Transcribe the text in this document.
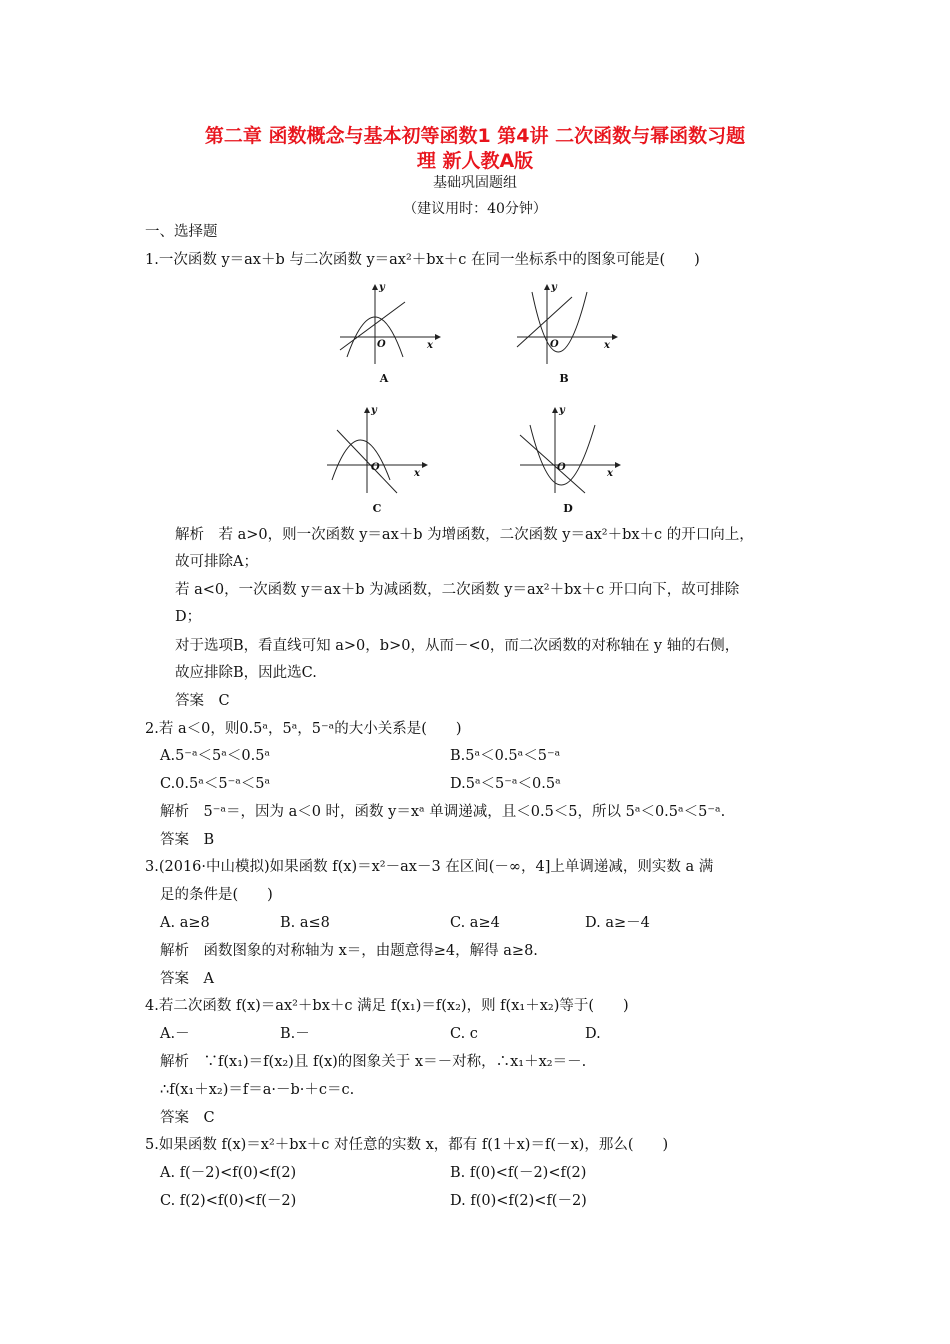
第二章 函数概念与基本初等函数1 第4讲 二次函数与幂函数习题
理 新人教A版
基础巩固题组
（建议用时：40分钟）
一、选择题
1.一次函数 y＝ax＋b 与二次函数 y＝ax²＋bx＋c 在同一坐标系中的图象可能是(　　)
y
x
O
A
y
x
O
B
y
x
O
C
y
x
O
D
解析　若 a>0，则一次函数 y＝ax＋b 为增函数，二次函数 y＝ax²＋bx＋c 的开口向上，
故可排除A；
若 a<0，一次函数 y＝ax＋b 为减函数，二次函数 y＝ax²＋bx＋c 开口向下，故可排除
D；
对于选项B，看直线可知 a>0，b>0，从而－<0，而二次函数的对称轴在 y 轴的右侧，
故应排除B，因此选C.
答案　C
2.若 a＜0，则0.5ᵃ，5ᵃ，5⁻ᵃ的大小关系是(　　)
A.5⁻ᵃ＜5ᵃ＜0.5ᵃ	B.5ᵃ＜0.5ᵃ＜5⁻ᵃ
C.0.5ᵃ＜5⁻ᵃ＜5ᵃ	D.5ᵃ＜5⁻ᵃ＜0.5ᵃ
解析　5⁻ᵃ＝，因为 a＜0 时，函数 y＝xᵃ 单调递减，且＜0.5＜5，所以 5ᵃ＜0.5ᵃ＜5⁻ᵃ.
答案　B
3.(2016·中山模拟)如果函数 f(x)＝x²－ax－3 在区间(－∞，4]上单调递减，则实数 a 满
足的条件是(　　)
A. a≥8	B. a≤8	C. a≥4	D. a≥－4
解析　函数图象的对称轴为 x＝，由题意得≥4，解得 a≥8.
答案　A
4.若二次函数 f(x)＝ax²＋bx＋c 满足 f(x₁)＝f(x₂)，则 f(x₁＋x₂)等于(　　)
A.－	B.－	C. c	D.
解析　∵f(x₁)＝f(x₂)且 f(x)的图象关于 x＝－对称，∴x₁＋x₂＝－.
∴f(x₁＋x₂)＝f＝a·－b·＋c＝c.
答案　C
5.如果函数 f(x)＝x²＋bx＋c 对任意的实数 x，都有 f(1＋x)＝f(－x)，那么(　　)
A. f(－2)<f(0)<f(2)	B. f(0)<f(－2)<f(2)
C. f(2)<f(0)<f(－2)	D. f(0)<f(2)<f(－2)
